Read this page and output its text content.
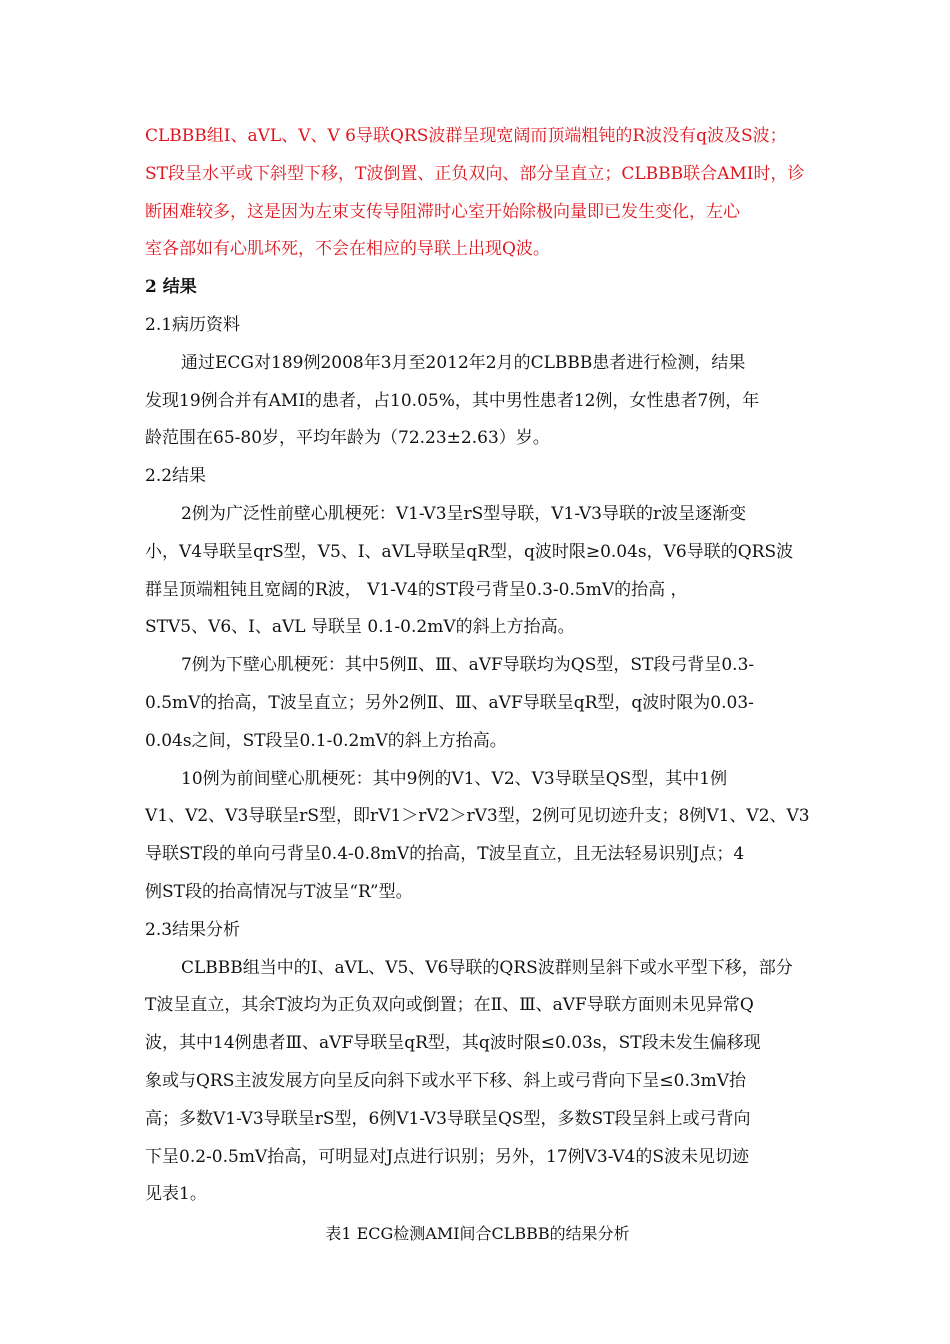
CLBBB组Ⅰ、aVL、V、V 6导联QRS波群呈现宽阔而顶端粗钝的R波没有q波及S波；
ST段呈水平或下斜型下移，T波倒置、正负双向、部分呈直立；CLBBB联合AMI时，诊
断困难较多，这是因为左束支传导阻滞时心室开始除极向量即已发生变化，左心
室各部如有心肌坏死，不会在相应的导联上出现Q波。
2 结果
2.1病历资料
通过ECG对189例2008年3月至2012年2月的CLBBB患者进行检测，结果
发现19例合并有AMI的患者，占10.05%，其中男性患者12例，女性患者7例，年
龄范围在65-80岁，平均年龄为（72.23±2.63）岁。
2.2结果
2例为广泛性前壁心肌梗死：V1-V3呈rS型导联，V1-V3导联的r波呈逐渐变
小，V4导联呈qrS型，V5、Ⅰ、aVL导联呈qR型，q波时限≥0.04s，V6导联的QRS波
群呈顶端粗钝且宽阔的R波， V1-V4的ST段弓背呈0.3-0.5mV的抬高 ，
STV5、V6、Ⅰ、aVL 导联呈 0.1-0.2mV的斜上方抬高。
7例为下壁心肌梗死：其中5例Ⅱ、Ⅲ、aVF导联均为QS型，ST段弓背呈0.3-
0.5mV的抬高，T波呈直立；另外2例Ⅱ、Ⅲ、aVF导联呈qR型，q波时限为0.03-
0.04s之间，ST段呈0.1-0.2mV的斜上方抬高。
10例为前间壁心肌梗死：其中9例的V1、V2、V3导联呈QS型，其中1例
V1、V2、V3导联呈rS型，即rV1＞rV2＞rV3型，2例可见切迹升支；8例V1、V2、V3
导联ST段的单向弓背呈0.4-0.8mV的抬高，T波呈直立，且无法轻易识别J点；4
例ST段的抬高情况与T波呈“R”型。
2.3结果分析
CLBBB组当中的Ⅰ、aVL、V5、V6导联的QRS波群则呈斜下或水平型下移，部分
T波呈直立，其余T波均为正负双向或倒置；在Ⅱ、Ⅲ、aVF导联方面则未见异常Q
波，其中14例患者Ⅲ、aVF导联呈qR型，其q波时限≤0.03s，ST段未发生偏移现
象或与QRS主波发展方向呈反向斜下或水平下移、斜上或弓背向下呈≤0.3mV抬
高；多数V1-V3导联呈rS型，6例V1-V3导联呈QS型，多数ST段呈斜上或弓背向
下呈0.2-0.5mV抬高，可明显对J点进行识别；另外，17例V3-V4的S波未见切迹
见表1。
表1 ECG检测AMI间合CLBBB的结果分析
